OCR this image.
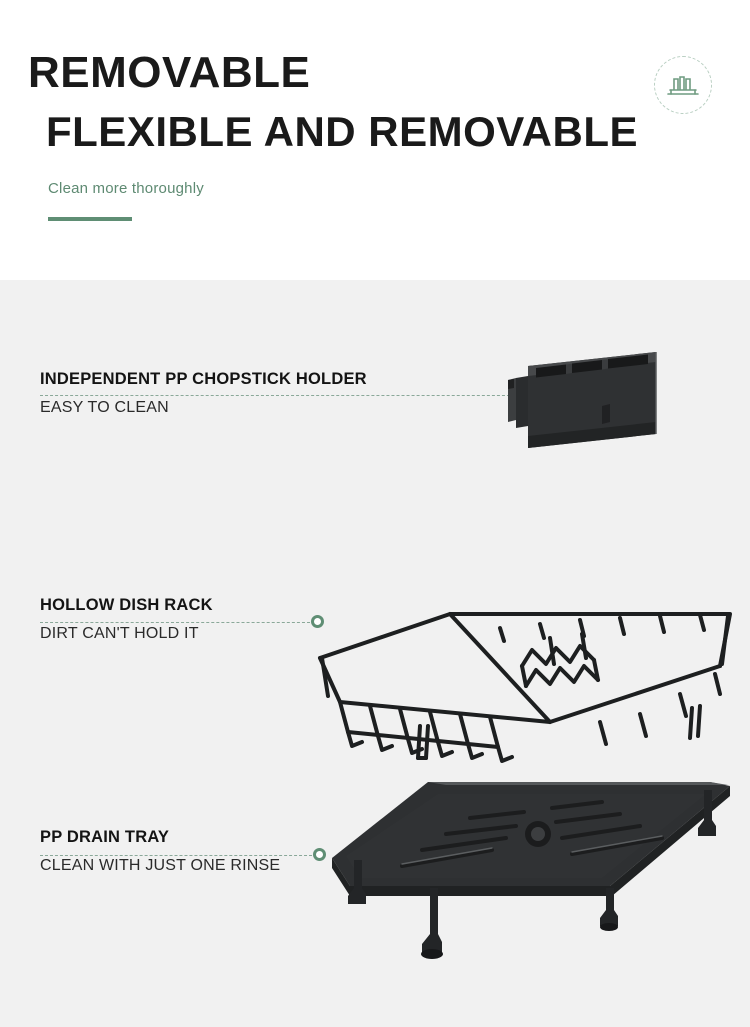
REMOVABLE
FLEXIBLE AND REMOVABLE
Clean more thoroughly
INDEPENDENT PP CHOPSTICK HOLDER
EASY TO CLEAN
HOLLOW DISH RACK
DIRT CAN'T HOLD IT
PP DRAIN TRAY
CLEAN WITH JUST ONE RINSE
